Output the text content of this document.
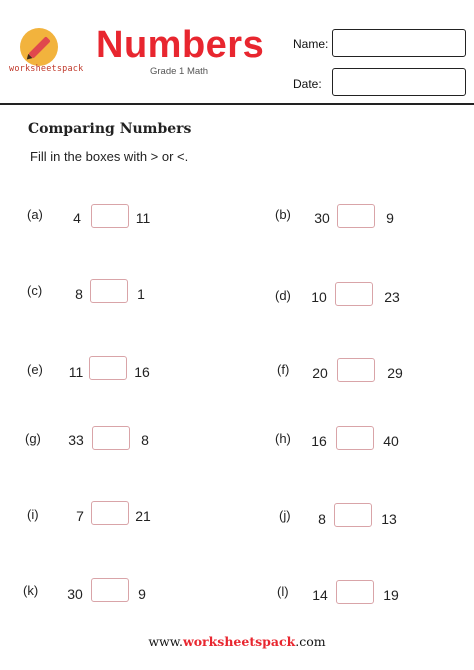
worksheetspack
Numbers
Grade 1 Math
Name:
Date:
Comparing Numbers
Fill in the boxes with > or <.
(a)	4	11	(b) 30	9
(c)	8	1	(d) 10	23
(e) 11	16	(f) 20	29
(g) 33	8	(h) 16	40
(i)	7	21	(j) 8	13
(k) 30	9	(l) 14	19
www.worksheetspack.com
